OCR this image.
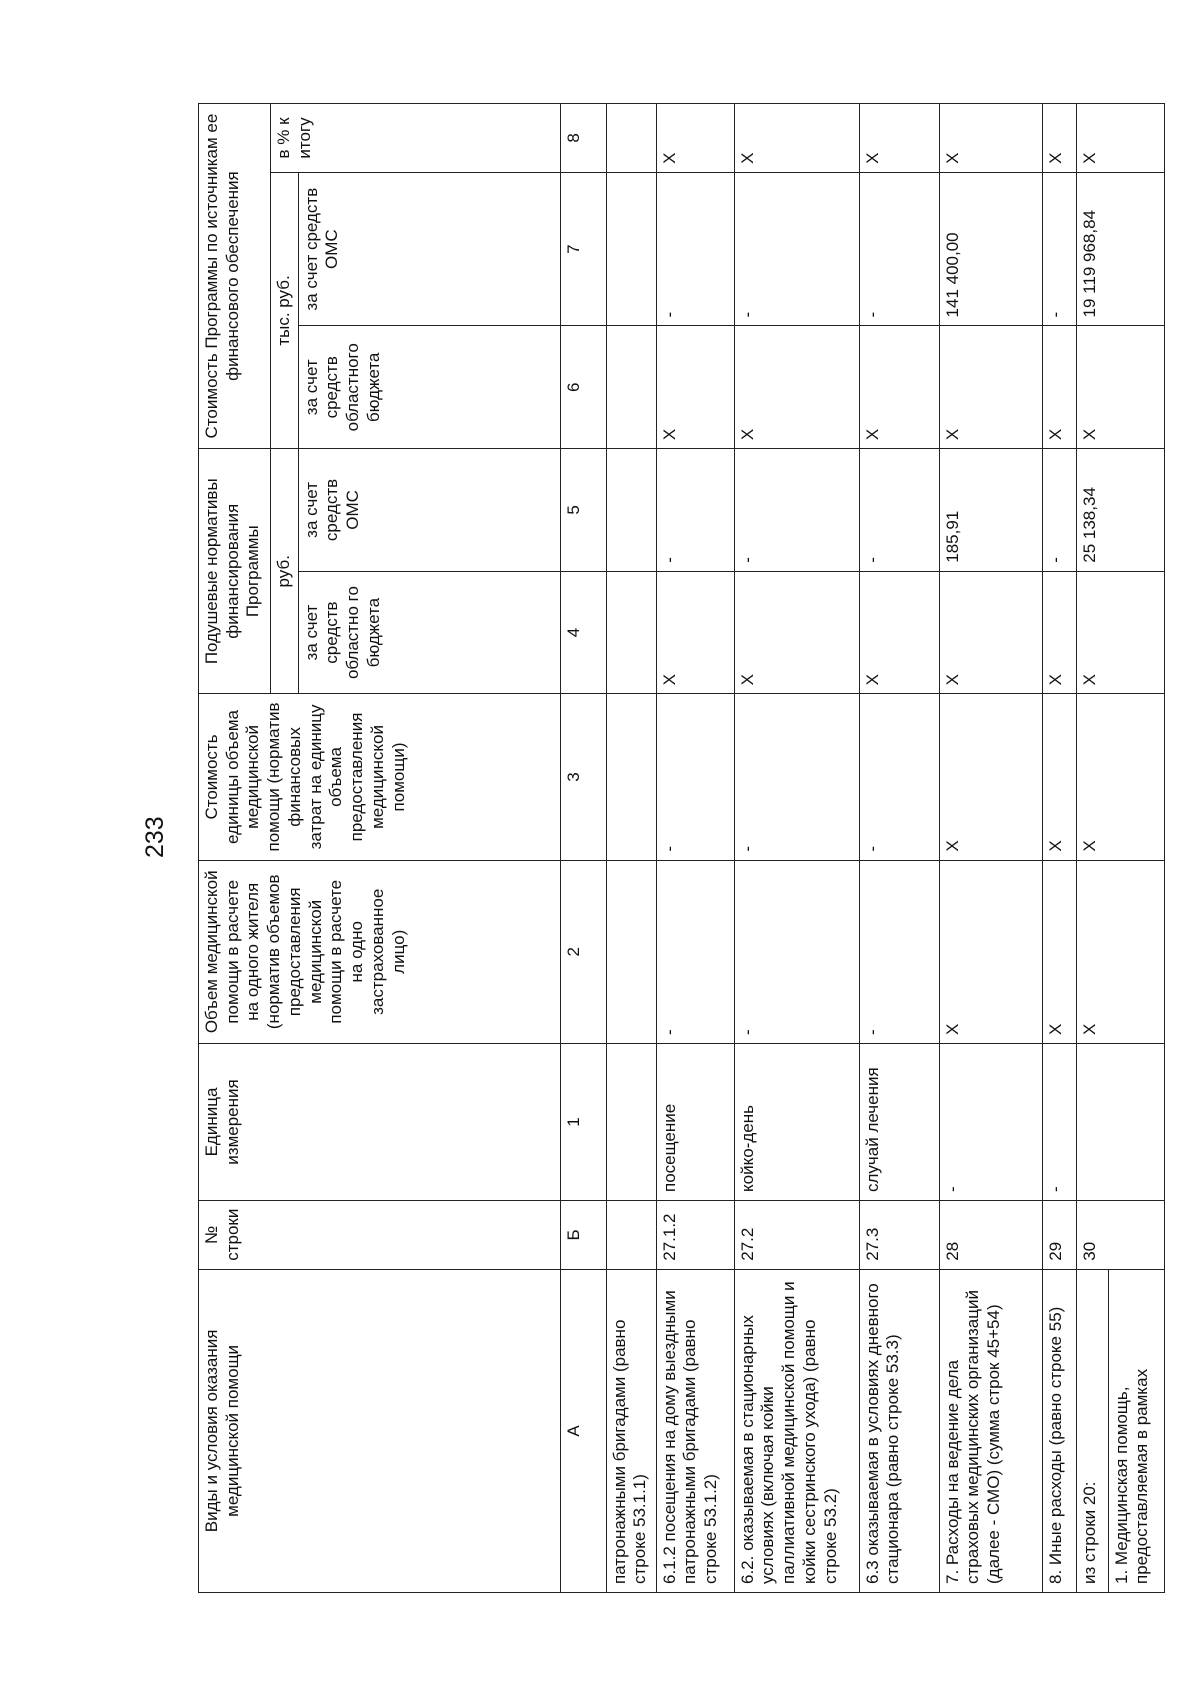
233
Виды и условия оказания медицинской помощи	№ строки	Единица измерения	Объем медицинской помощи в расчете на одного жителя (норматив объемов предоставления медицинской помощи в расчете на одно застрахованное лицо)	Стоимость единицы объема медицинской помощи (норматив финансовых затрат на единицу объема предоставления медицинской помощи)	Подушевые нормативы финансирования Программы		Стоимость Программы по источникам ее финансового обеспечения		
					руб.		тыс. руб.		в % к итогу
					за счет средств областно го бюджета	за счет средств ОМС	за счет средств областного бюджета	за счет средств ОМС	
А	Б	1	2	3	4	5	6	7	8
патронажными бригадами (равно строке 53.1.1)									
6.1.2 посещения на дому выездными патронажными бригадами (равно строке 53.1.2)	27.1.2	посещение	-	-	X	-	X	-	X
6.2. оказываемая в стационарных условиях (включая койки паллиативной медицинской помощи и койки сестринского ухода) (равно строке 53.2)	27.2	койко-день	-	-	X	-	X	-	X
6.3 оказываемая в условиях дневного стационара (равно строке 53.3)	27.3	случай лечения	-	-	X	-	X	-	X
7. Расходы на ведение дела страховых медицинских организаций (далее - СМО) (сумма строк 45+54)	28	-	X	X	X	185,91	X	141 400,00	X
8. Иные расходы (равно строке 55)	29	-	X	X	X	-	X	-	X
из строки 20:	30		X	X	X	25 138,34	X	19 119 968,84	X
1. Медицинская помощь, предоставляемая в рамках									
